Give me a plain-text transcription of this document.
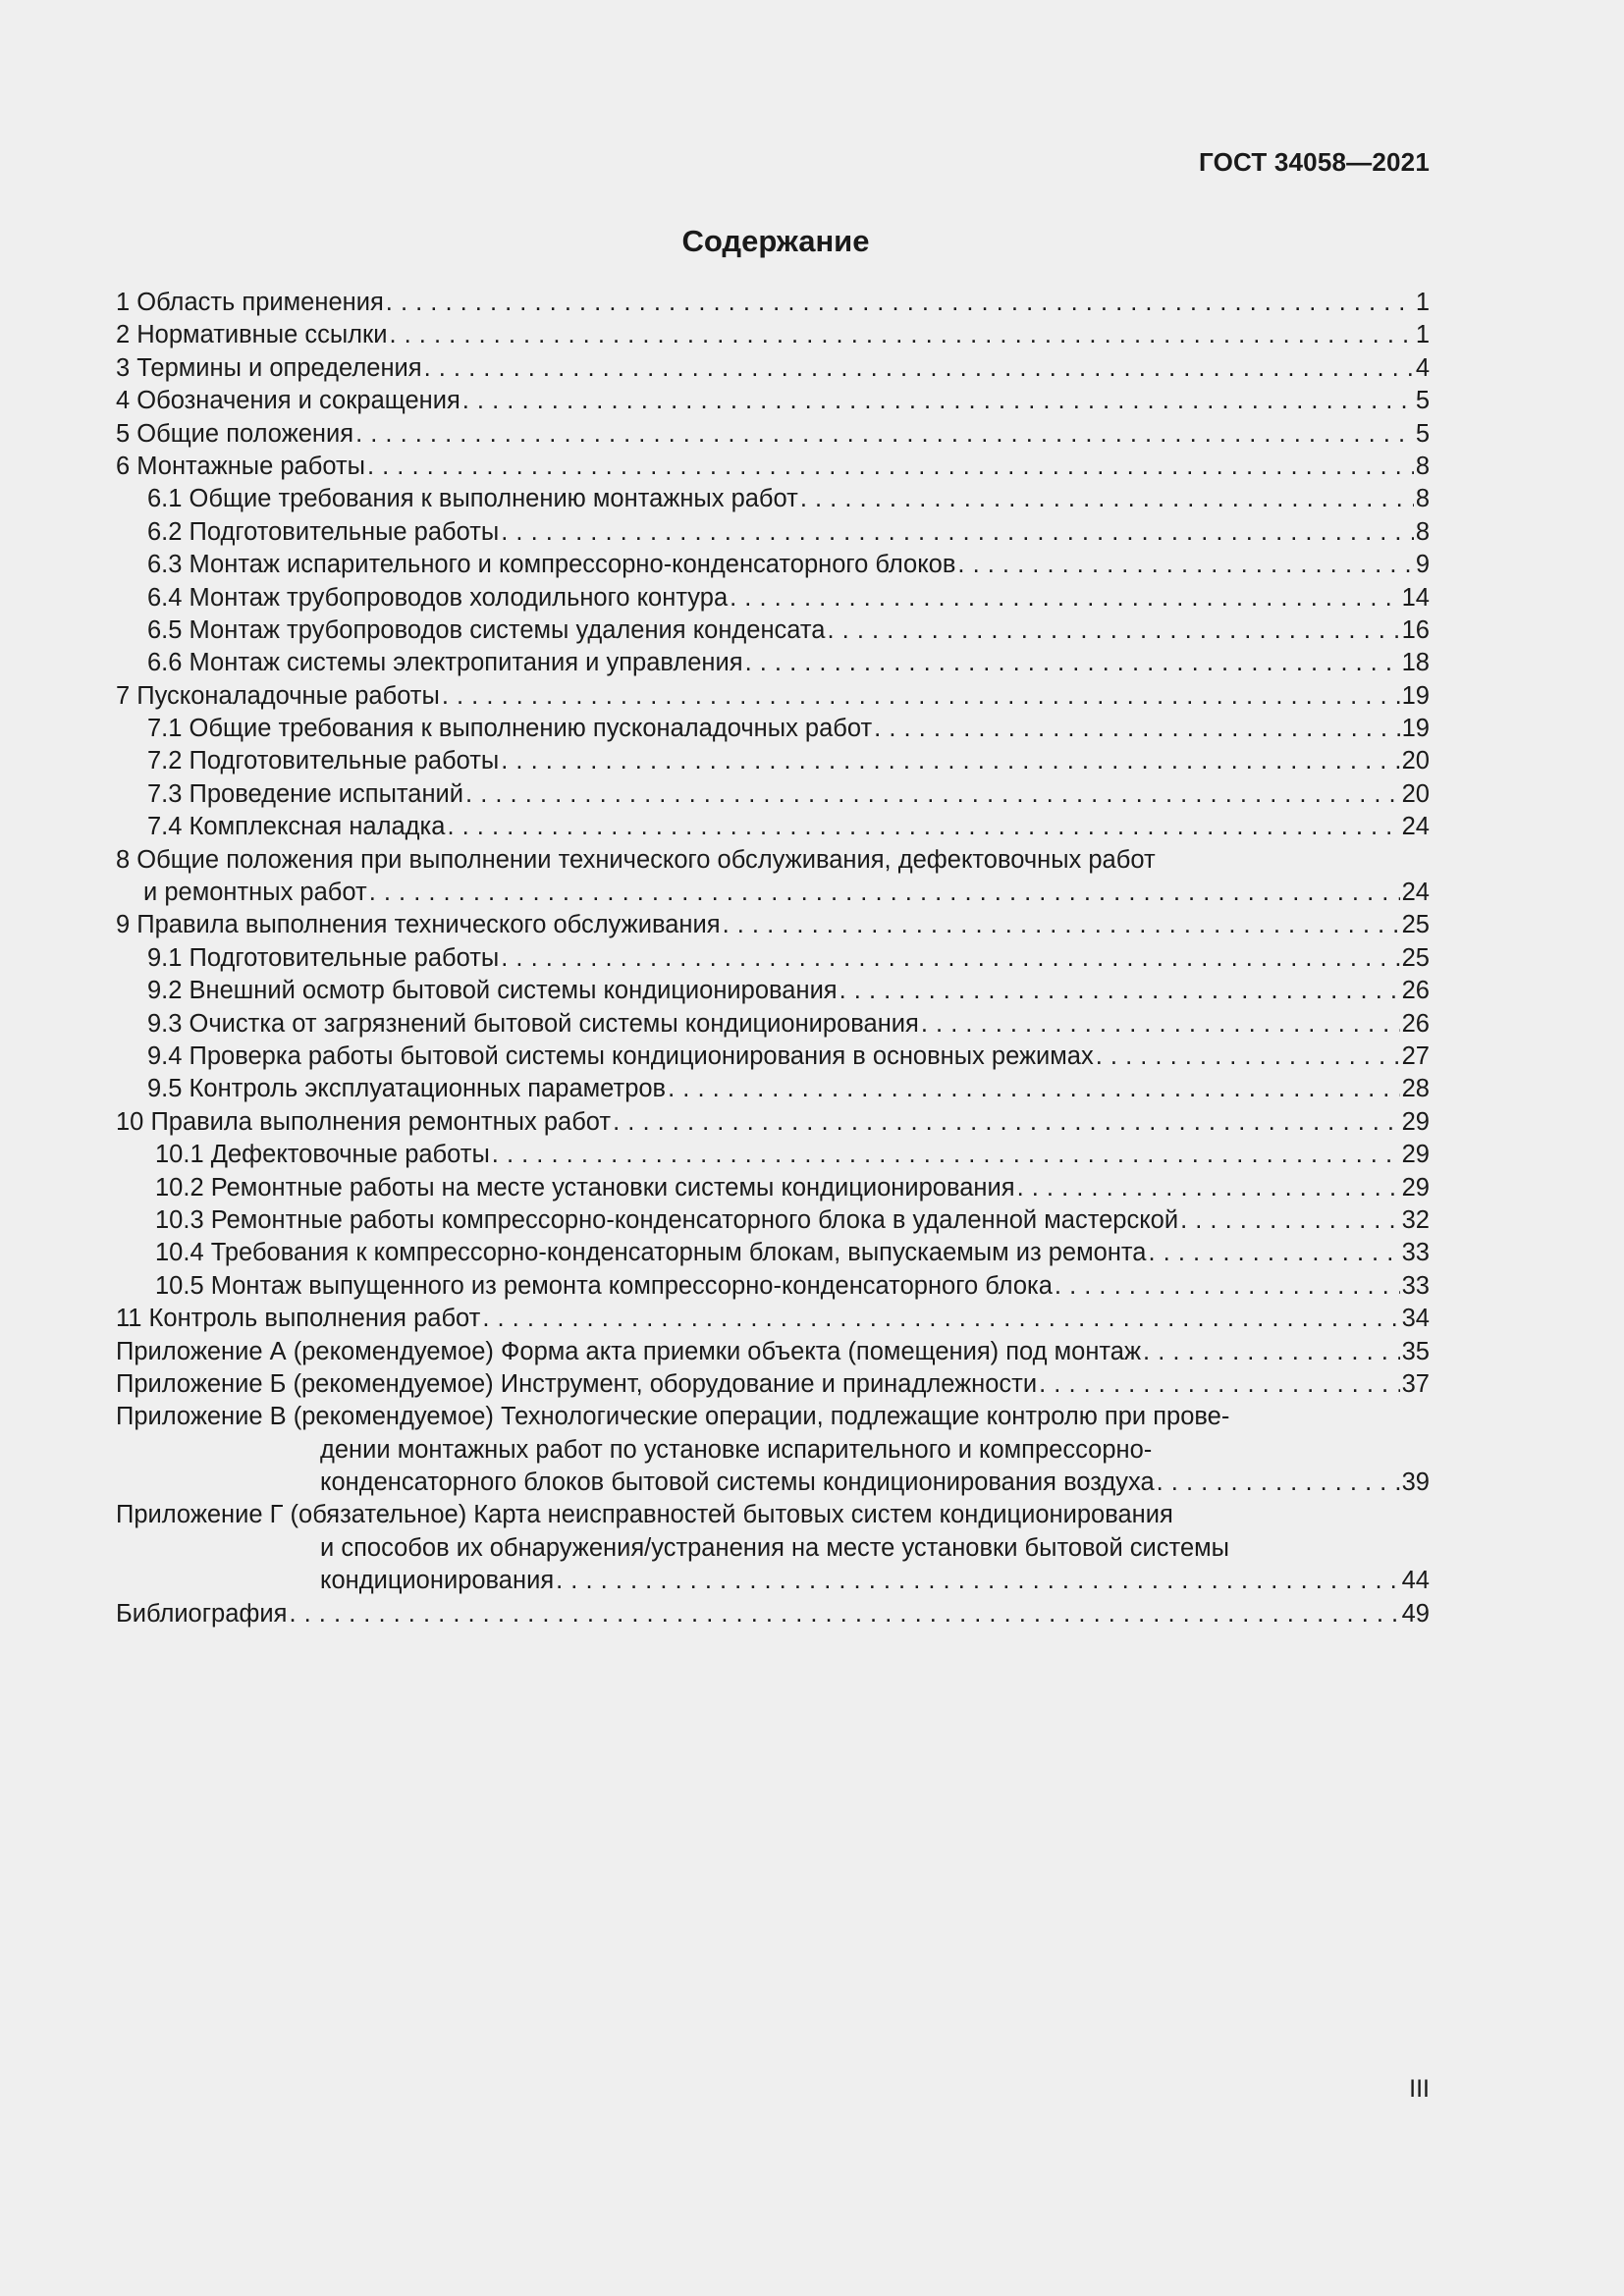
ГОСТ 34058—2021
Содержание
1 Область применения . . .	1
2 Нормативные ссылки . . .	1
3 Термины и определения . . .	4
4 Обозначения и сокращения . . .	5
5 Общие положения . . .	5
6 Монтажные работы . . .	8
6.1 Общие требования к выполнению монтажных работ . . .	8
6.2 Подготовительные работы . . .	8
6.3 Монтаж испарительного и компрессорно-конденсаторного блоков . . .	9
6.4 Монтаж трубопроводов холодильного контура . . .	14
6.5 Монтаж трубопроводов системы удаления конденсата . . .	16
6.6 Монтаж системы электропитания и управления . . .	18
7 Пусконаладочные работы . . .	19
7.1 Общие требования к выполнению пусконаладочных работ . . .	19
7.2 Подготовительные работы . . .	20
7.3 Проведение испытаний . . .	20
7.4 Комплексная наладка . . .	24
8 Общие положения при выполнении технического обслуживания, дефектовочных работ
и ремонтных работ . . .	24
9 Правила выполнения технического обслуживания . . .	25
9.1 Подготовительные работы . . .	25
9.2 Внешний осмотр бытовой системы кондиционирования . . .	26
9.3 Очистка от загрязнений бытовой системы кондиционирования . . .	26
9.4 Проверка работы бытовой системы кондиционирования в основных режимах . . .	27
9.5 Контроль эксплуатационных параметров . . .	28
10 Правила выполнения ремонтных работ . . .	29
10.1 Дефектовочные работы . . .	29
10.2 Ремонтные работы на месте установки системы кондиционирования . . .	29
10.3 Ремонтные работы компрессорно-конденсаторного блока в удаленной мастерской . . .	32
10.4 Требования к компрессорно-конденсаторным блокам, выпускаемым из ремонта . . .	33
10.5 Монтаж выпущенного из ремонта компрессорно-конденсаторного блока . . .	33
11 Контроль выполнения работ . . .	34
Приложение А (рекомендуемое) Форма акта приемки объекта (помещения) под монтаж . . .	35
Приложение Б (рекомендуемое) Инструмент, оборудование и принадлежности . . .	37
Приложение В (рекомендуемое) Технологические операции, подлежащие контролю при прове-
дении монтажных работ по установке испарительного и компрессорно-
конденсаторного блоков бытовой системы кондиционирования воздуха . . .	39
Приложение Г (обязательное) Карта неисправностей бытовых систем кондиционирования
и способов их обнаружения/устранения на месте установки бытовой системы
кондиционирования . . .	44
Библиография . . .	49
III
